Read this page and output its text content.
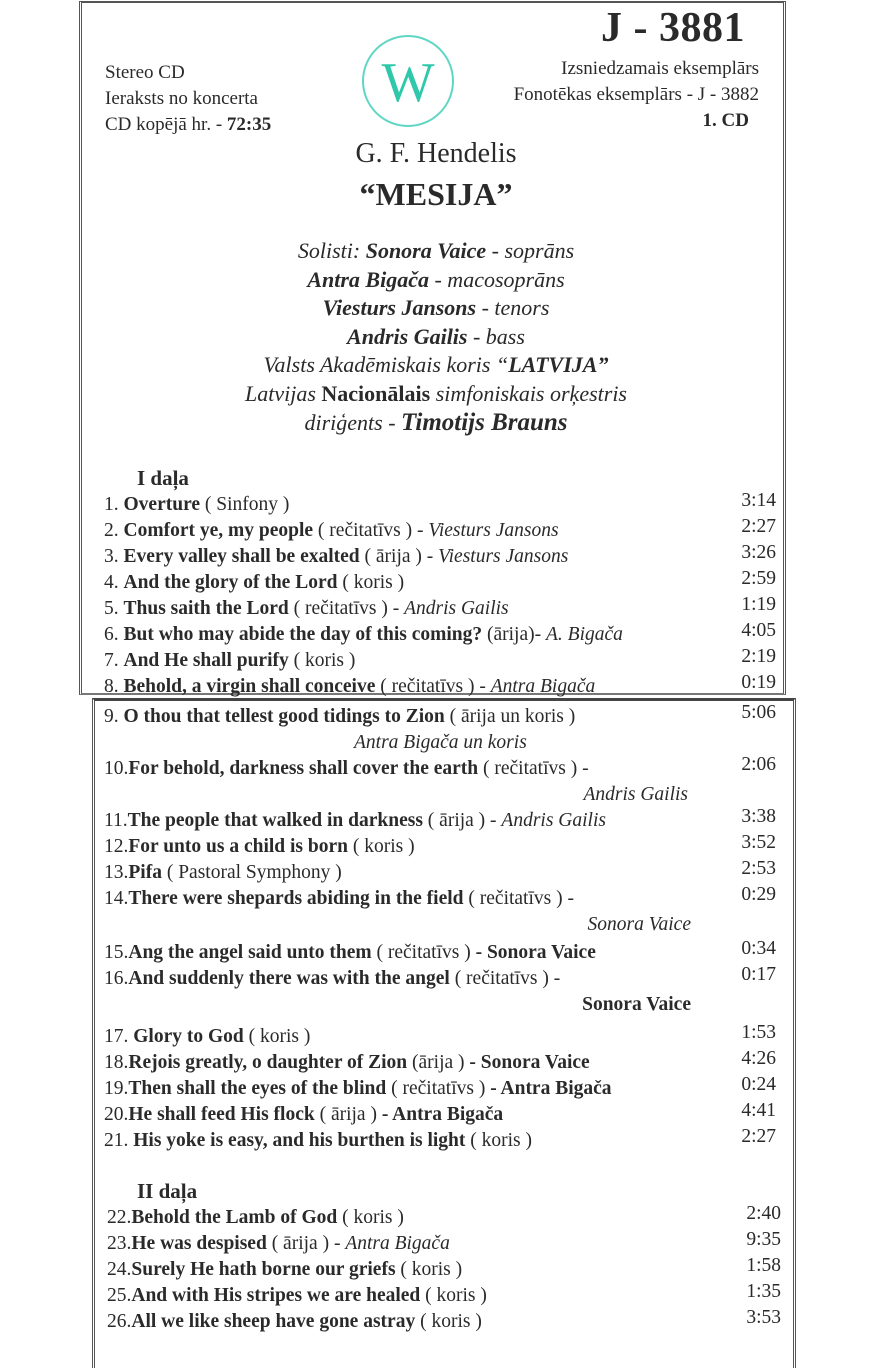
Stereo CD
Ieraksts no koncerta
CD kopējā hr. - 72:35
W
J - 3881
Izsniedzamais eksemplārs
Fonotēkas eksemplārs - J - 3882
1. CD
G. F. Hendelis
“MESIJA”
Solisti: Sonora Vaice - soprāns
Antra Bigača - macosoprāns
Viesturs Jansons - tenors
Andris Gailis - bass
Valsts Akadēmiskais koris “LATVIJA”
Latvijas Nacionālais simfoniskais orķestris
diriģents - Timotijs Brauns
I daļa
1. Overture ( Sinfony )	3:14
2. Comfort ye, my people ( rečitatīvs ) - Viesturs Jansons	2:27
3. Every valley shall be exalted ( ārija ) - Viesturs Jansons	3:26
4. And the glory of the Lord ( koris )	2:59
5. Thus saith the Lord ( rečitatīvs ) - Andris Gailis	1:19
6. But who may abide the day of this coming? (ārija)- A. Bigača	4:05
7. And He shall purify ( koris )	2:19
8. Behold, a virgin shall conceive ( rečitatīvs ) - Antra Bigača	0:19
9. O thou that tellest good tidings to Zion ( ārija un koris )	5:06
Antra Bigača un koris
10.For behold, darkness shall cover the earth ( rečitatīvs ) -	2:06
Andris Gailis
11.The people that walked in darkness ( ārija ) - Andris Gailis	3:38
12.For unto us a child is born ( koris )	3:52
13.Pifa ( Pastoral Symphony )	2:53
14.There were shepards abiding in the field ( rečitatīvs ) -	0:29
Sonora Vaice
15.Ang the angel said unto them ( rečitatīvs ) - Sonora Vaice	0:34
16.And suddenly there was with the angel ( rečitatīvs ) -	0:17
Sonora Vaice
17. Glory to God ( koris )	1:53
18.Rejois greatly, o daughter of Zion (ārija ) - Sonora Vaice	4:26
19.Then shall the eyes of the blind ( rečitatīvs ) - Antra Bigača	0:24
20.He shall feed His flock ( ārija ) - Antra Bigača	4:41
21. His yoke is easy, and his burthen is light ( koris )	2:27
II daļa
22.Behold the Lamb of God ( koris )	2:40
23.He was despised ( ārija ) - Antra Bigača	9:35
24.Surely He hath borne our griefs ( koris )	1:58
25.And with His stripes we are healed ( koris )	1:35
26.All we like sheep have gone astray ( koris )	3:53
